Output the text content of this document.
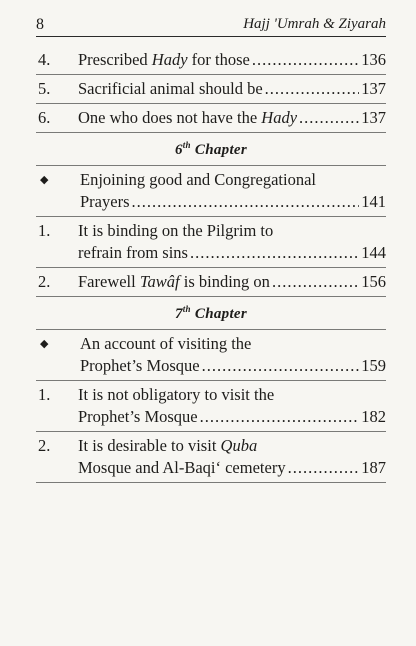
8	Hajj 'Umrah & Ziyarah
4.	Prescribed Hady for those .....	136
5.	Sacrificial animal should be .....	137
6.	One who does not have the Hady .....	137
6th Chapter
◆	Enjoining good and Congregational
Prayers .....	141
1.	It is binding on the Pilgrim to
refrain from sins .....	144
2.	Farewell Tawâf is binding on .....	156
7th Chapter
◆	An account of visiting the
Prophet’s Mosque .....	159
1.	It is not obligatory to visit the
Prophet’s Mosque .....	182
2.	It is desirable to visit Quba
Mosque and Al-Baqi‘ cemetery .....	187
